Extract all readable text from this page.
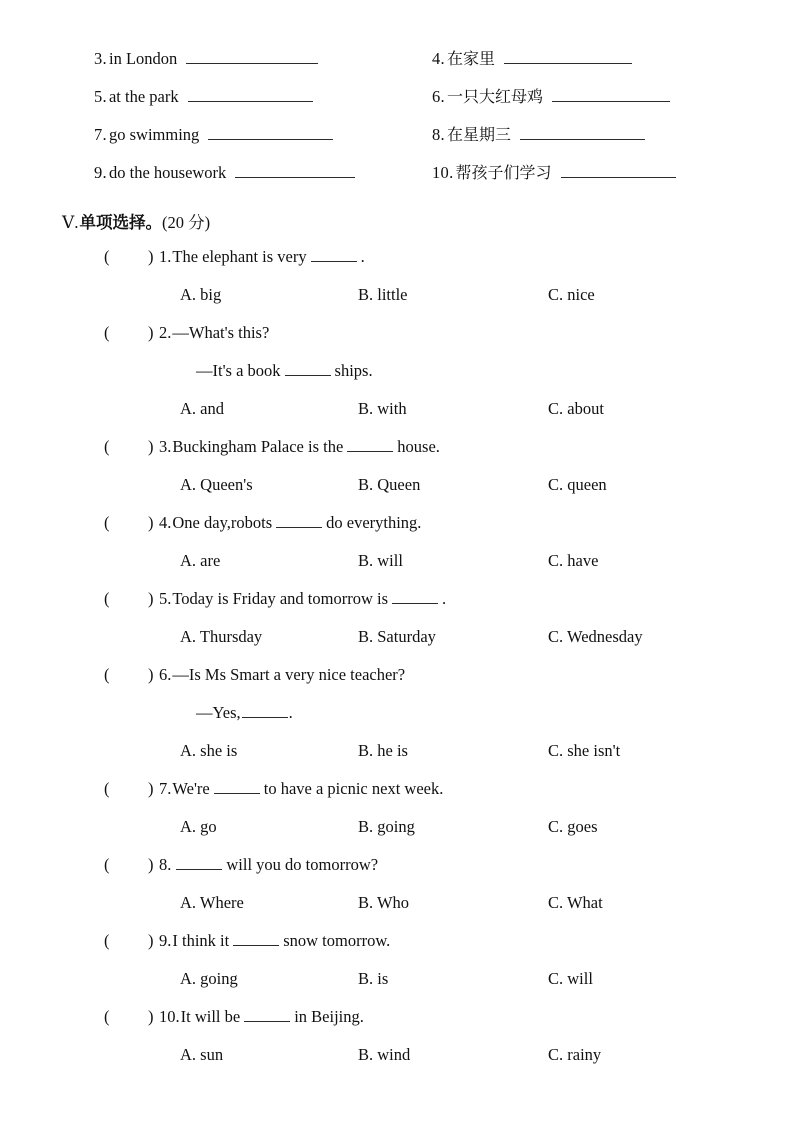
3. in London	4. 在家里
5. at the park	6. 一只大红母鸡
7. go swimming	8. 在星期三
9. do the housework	10. 帮孩子们学习
Ⅴ . 单项选择。 (20 分)
( ) 1. The elephant is very	.
A. big	B. little	C. nice
( ) 2. —What's this?
—It's a book	ships.
A. and	B. with	C. about
( ) 3. Buckingham Palace is the	house.
A. Queen's	B. Queen	C. queen
( ) 4. One day,robots	do everything.
A. are	B. will	C. have
( ) 5. Today is Friday and tomorrow is	.
A. Thursday	B. Saturday	C. Wednesday
( ) 6. —Is Ms Smart a very nice teacher?
—Yes,	.
A. she is	B. he is	C. she isn't
( ) 7. We're	to have a picnic next week.
A. go	B. going	C. goes
( ) 8.	will you do tomorrow?
A. Where	B. Who	C. What
( ) 9. I think it	snow tomorrow.
A. going	B. is	C. will
( ) 10. It will be	in Beijing.
A. sun	B. wind	C. rainy
